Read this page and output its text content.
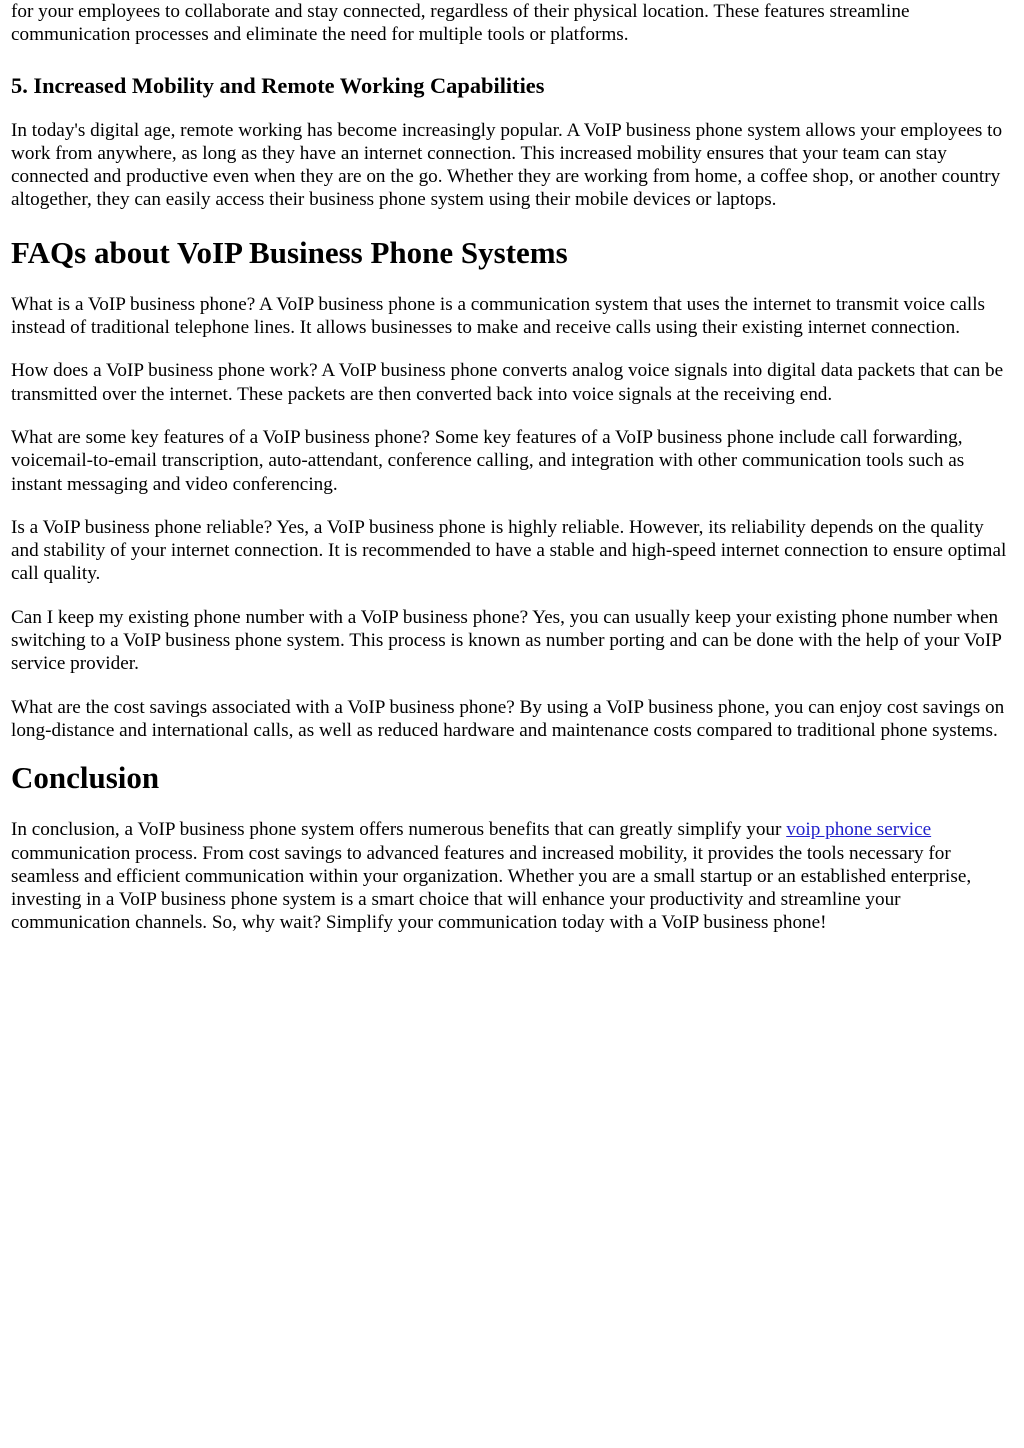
for your employees to collaborate and stay connected, regardless of their physical location. These features streamline communication processes and eliminate the need for multiple tools or platforms.

5. Increased Mobility and Remote Working Capabilities

In today's digital age, remote working has become increasingly popular. A VoIP business phone system allows your employees to work from anywhere, as long as they have an internet connection. This increased mobility ensures that your team can stay connected and productive even when they are on the go. Whether they are working from home, a coffee shop, or another country altogether, they can easily access their business phone system using their mobile devices or laptops.

FAQs about VoIP Business Phone Systems

What is a VoIP business phone? A VoIP business phone is a communication system that uses the internet to transmit voice calls instead of traditional telephone lines. It allows businesses to make and receive calls using their existing internet connection.

How does a VoIP business phone work? A VoIP business phone converts analog voice signals into digital data packets that can be transmitted over the internet. These packets are then converted back into voice signals at the receiving end.

What are some key features of a VoIP business phone? Some key features of a VoIP business phone include call forwarding, voicemail-to-email transcription, auto-attendant, conference calling, and integration with other communication tools such as instant messaging and video conferencing.

Is a VoIP business phone reliable? Yes, a VoIP business phone is highly reliable. However, its reliability depends on the quality and stability of your internet connection. It is recommended to have a stable and high-speed internet connection to ensure optimal call quality.

Can I keep my existing phone number with a VoIP business phone? Yes, you can usually keep your existing phone number when switching to a VoIP business phone system. This process is known as number porting and can be done with the help of your VoIP service provider.

What are the cost savings associated with a VoIP business phone? By using a VoIP business phone, you can enjoy cost savings on long-distance and international calls, as well as reduced hardware and maintenance costs compared to traditional phone systems.

Conclusion

In conclusion, a VoIP business phone system offers numerous benefits that can greatly simplify your voip phone service communication process. From cost savings to advanced features and increased mobility, it provides the tools necessary for seamless and efficient communication within your organization. Whether you are a small startup or an established enterprise, investing in a VoIP business phone system is a smart choice that will enhance your productivity and streamline your communication channels. So, why wait? Simplify your communication today with a VoIP business phone!
